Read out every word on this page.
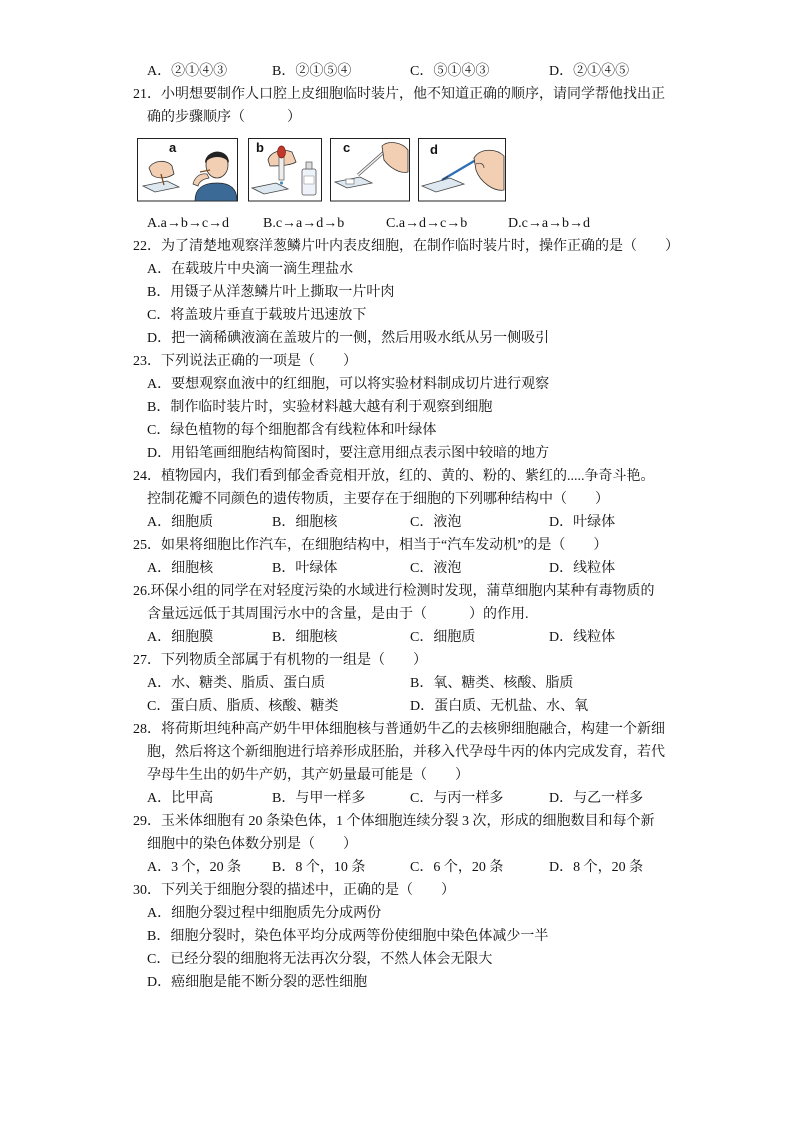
A．②①④③	B．②①⑤④	C．⑤①④③	D．②①④⑤
21．小明想要制作人口腔上皮细胞临时装片，他不知道正确的顺序，请同学帮他找出正
确的步骤顺序（　　　）
a	b	c	d
A.a→b→c→d B.c→a→d→b	C.a→d→c→b	D.c→a→b→d
22．为了清楚地观察洋葱鳞片叶内表皮细胞，在制作临时装片时，操作正确的是（　　）
A．在载玻片中央滴一滴生理盐水
B．用镊子从洋葱鳞片叶上撕取一片叶肉
C．将盖玻片垂直于载玻片迅速放下
D．把一滴稀碘液滴在盖玻片的一侧，然后用吸水纸从另一侧吸引
23．下列说法正确的一项是（　　）
A．要想观察血液中的红细胞，可以将实验材料制成切片进行观察
B．制作临时装片时，实验材料越大越有利于观察到细胞
C．绿色植物的每个细胞都含有线粒体和叶绿体
D．用铅笔画细胞结构简图时，要注意用细点表示图中较暗的地方
24．植物园内，我们看到郁金香竞相开放，红的、黄的、粉的、紫红的.....争奇斗艳。
控制花瓣不同颜色的遗传物质，主要存在于细胞的下列哪种结构中（　　）
A．细胞质	B．细胞核	C．液泡	D．叶绿体
25．如果将细胞比作汽车，在细胞结构中，相当于“汽车发动机”的是（　　）
A．细胞核	B．叶绿体	C．液泡	D．线粒体
26.环保小组的同学在对轻度污染的水域进行检测时发现，蒲草细胞内某种有毒物质的
含量远远低于其周围污水中的含量，是由于（　　　）的作用.
A．细胞膜	B．细胞核	C．细胞质	D．线粒体
27．下列物质全部属于有机物的一组是（　　）
A．水、糖类、脂质、蛋白质	B．氧、糖类、核酸、脂质
C．蛋白质、脂质、核酸、糖类	D．蛋白质、无机盐、水、氧
28．将荷斯坦纯种高产奶牛甲体细胞核与普通奶牛乙的去核卵细胞融合，构建一个新细
胞，然后将这个新细胞进行培养形成胚胎，并移入代孕母牛丙的体内完成发育，若代
孕母牛生出的奶牛产奶，其产奶量最可能是（　　）
A．比甲高	B．与甲一样多	C．与丙一样多	D．与乙一样多
29．玉米体细胞有 20 条染色体，1 个体细胞连续分裂 3 次，形成的细胞数目和每个新
细胞中的染色体数分别是（　　）
A．3 个，20 条 B．8 个，10 条	C．6 个，20 条	D．8 个，20 条
30．下列关于细胞分裂的描述中，正确的是（　　）
A．细胞分裂过程中细胞质先分成两份
B．细胞分裂时，染色体平均分成两等份使细胞中染色体减少一半
C．已经分裂的细胞将无法再次分裂，不然人体会无限大
D．癌细胞是能不断分裂的恶性细胞
